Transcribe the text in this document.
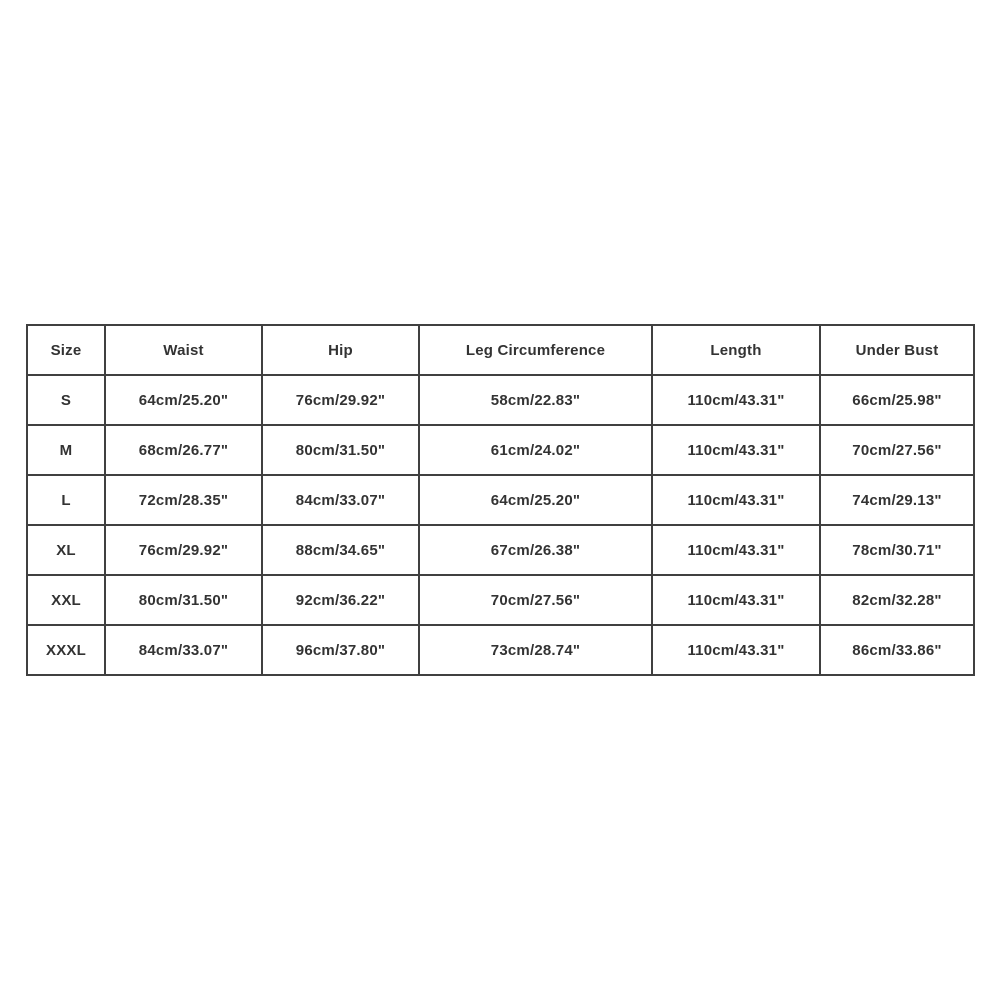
Size	Waist	Hip	Leg Circumference	Length	Under Bust
S	64cm/25.20"	76cm/29.92"	58cm/22.83"	110cm/43.31"	66cm/25.98"
M	68cm/26.77"	80cm/31.50"	61cm/24.02"	110cm/43.31"	70cm/27.56"
L	72cm/28.35"	84cm/33.07"	64cm/25.20"	110cm/43.31"	74cm/29.13"
XL	76cm/29.92"	88cm/34.65"	67cm/26.38"	110cm/43.31"	78cm/30.71"
XXL	80cm/31.50"	92cm/36.22"	70cm/27.56"	110cm/43.31"	82cm/32.28"
XXXL	84cm/33.07"	96cm/37.80"	73cm/28.74"	110cm/43.31"	86cm/33.86"
